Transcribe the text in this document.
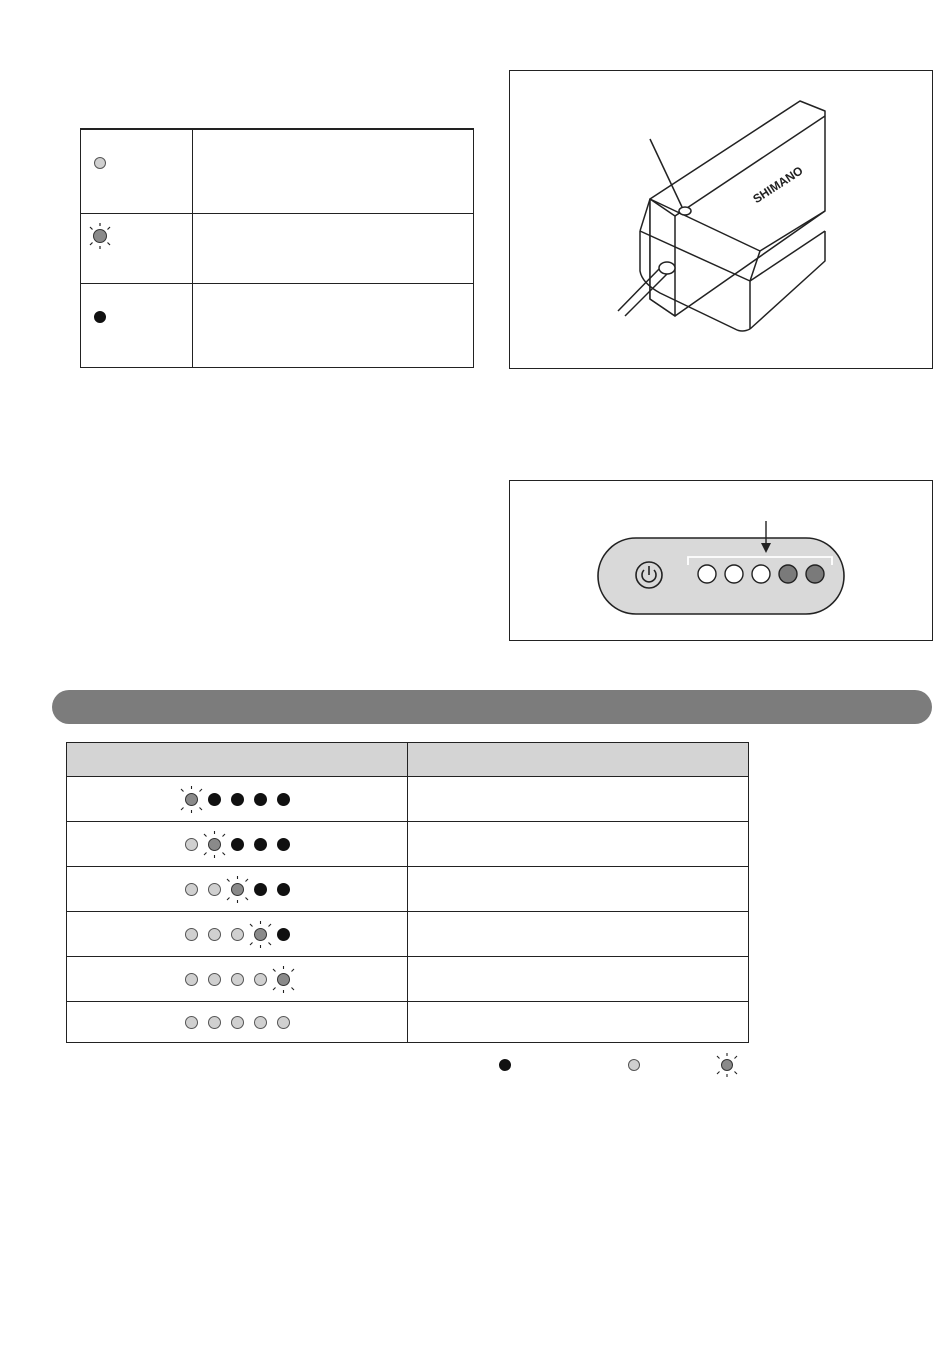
SHIMANO
